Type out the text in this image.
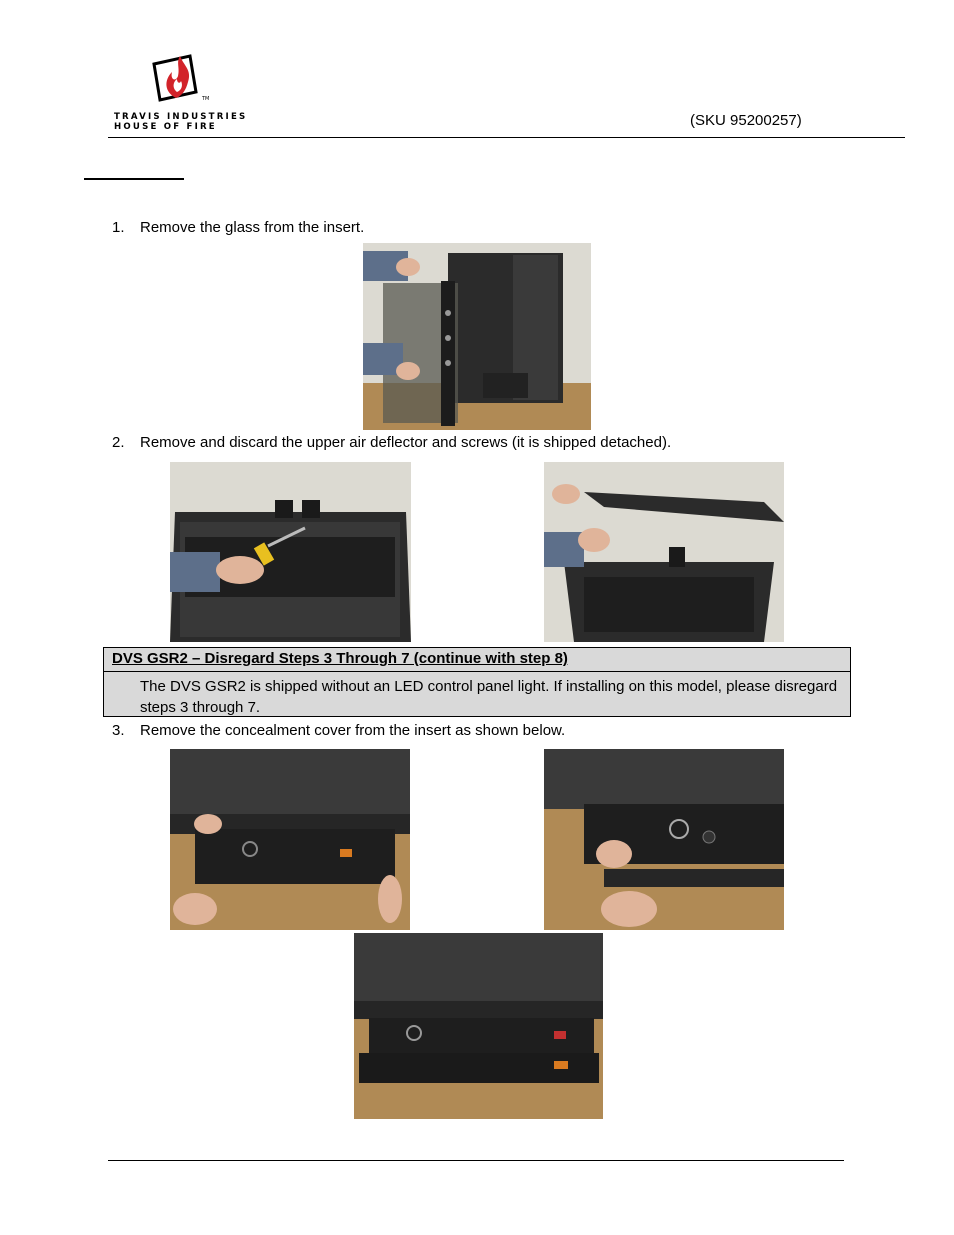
TM
TRAVIS INDUSTRIES
HOUSE OF FIRE	(SKU 95200257)
1. Remove the glass from the insert.
2. Remove and discard the upper air deflector and screws (it is shipped detached).
DVS GSR2 – Disregard Steps 3 Through 7 (continue with step 8)
The DVS GSR2 is shipped without an LED control panel light. If installing on this model, please disregard steps 3 through 7.
3. Remove the concealment cover from the insert as shown below.
